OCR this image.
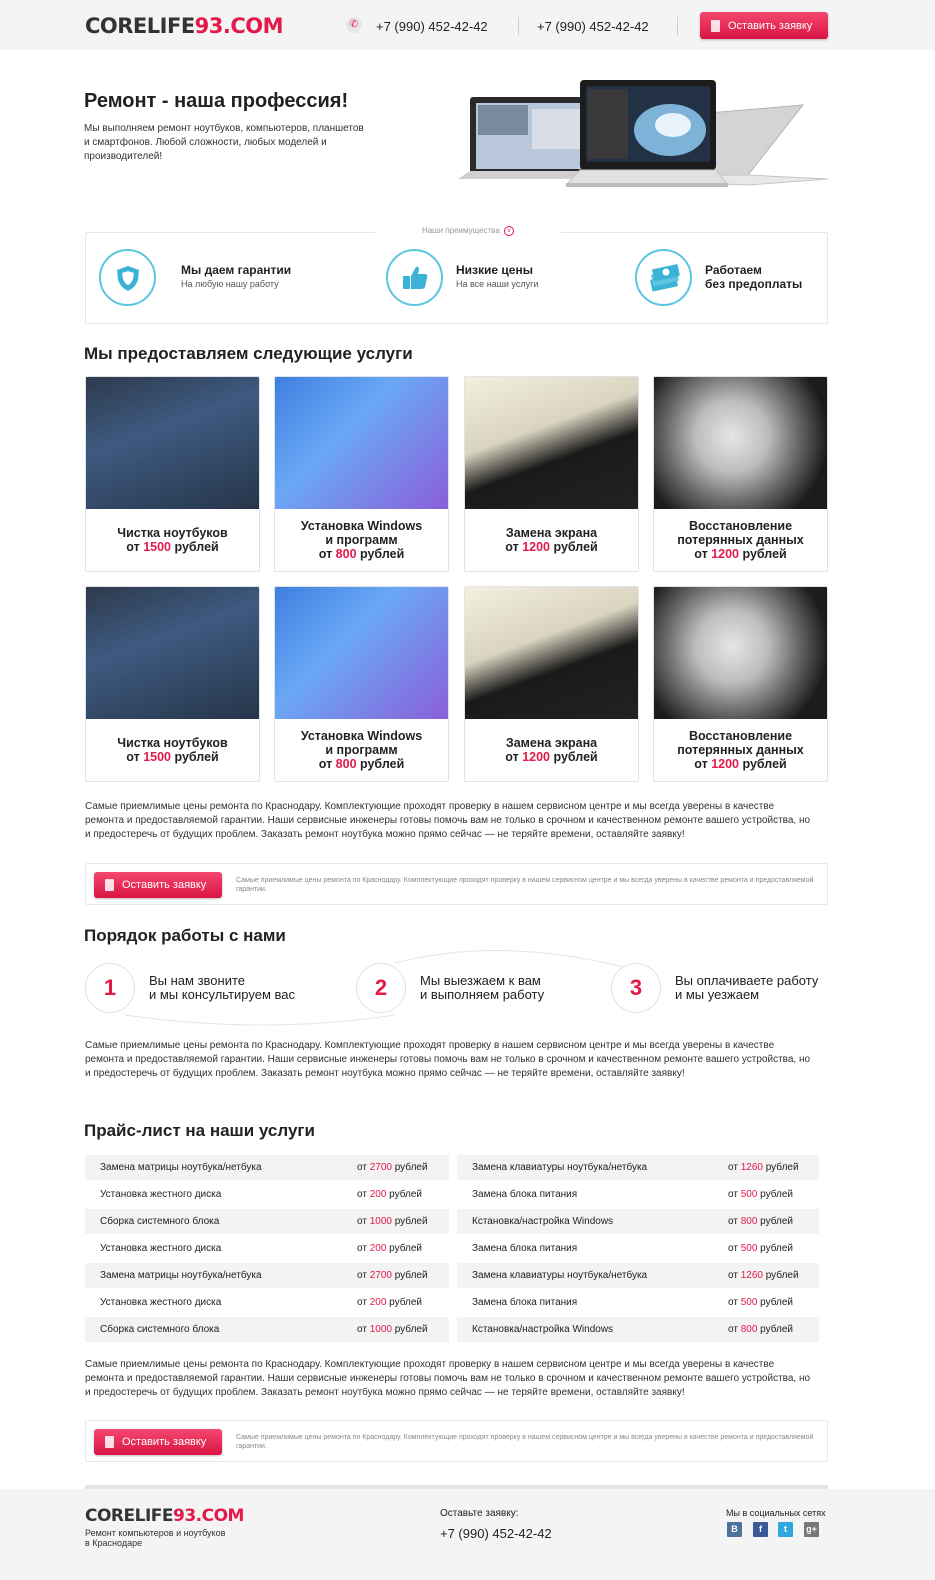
CORELIFE93.COM	✆ +7 (990) 452-42-42	+7 (990) 452-42-42	Оставить заявку
Ремонт - наша профессия!
Мы выполняем ремонт ноутбуков, компьютеров, планшетов и смартфонов. Любой сложности, любых моделей и производителей!
Наши преимущества v
Мы даем гарантии
На любую нашу работу
Низкие цены
На все наши услуги
Работаем
без предоплаты
Мы предоставляем следующие услуги
Чистка ноутбуков
от 1500 рублей
Установка Windows
и программ
от 800 рублей
Замена экрана
от 1200 рублей
Восстановление
потерянных данных
от 1200 рублей
Чистка ноутбуков
от 1500 рублей
Установка Windows
и программ
от 800 рублей
Замена экрана
от 1200 рублей
Восстановление
потерянных данных
от 1200 рублей
Самые приемлимые цены ремонта по Краснодару. Комплектующие проходят проверку в нашем сервисном центре и мы всегда уверены в качестве ремонта и предоставляемой гарантии. Наши сервисные инженеры готовы помочь вам не только в срочном и качественном ремонте вашего устройства, но и предостеречь от будущих проблем. Заказать ремонт ноутбука можно прямо сейчас — не теряйте времени, оставляйте заявку!
Оставить заявку	Самые приемлимые цены ремонта по Краснодару. Комплектующие проходят проверку в нашем сервисном центре и мы всегда уверены в качестве ремонта и предоставляемой гарантии.
Порядок работы с нами
1	Вы нам звоните
и мы консультируем вас	2	Мы выезжаем к вам
и выполняем работу	3	Вы оплачиваете работу
и мы уезжаем
Самые приемлимые цены ремонта по Краснодару. Комплектующие проходят проверку в нашем сервисном центре и мы всегда уверены в качестве ремонта и предоставляемой гарантии. Наши сервисные инженеры готовы помочь вам не только в срочном и качественном ремонте вашего устройства, но и предостеречь от будущих проблем. Заказать ремонт ноутбука можно прямо сейчас — не теряйте времени, оставляйте заявку!
Прайс-лист на наши услуги
Замена матрицы ноутбука/нетбука	от 2700 рублей
Установка жестного диска	от 200 рублей
Сборка системного блока	от 1000 рублей
Установка жестного диска	от 200 рублей
Замена матрицы ноутбука/нетбука	от 2700 рублей
Установка жестного диска	от 200 рублей
Сборка системного блока	от 1000 рублей
Замена клавиатуры ноутбука/нетбука	от 1260 рублей
Замена блока питания	от 500 рублей
Кстановка/настройка Windows	от 800 рублей
Замена блока питания	от 500 рублей
Замена клавиатуры ноутбука/нетбука	от 1260 рублей
Замена блока питания	от 500 рублей
Кстановка/настройка Windows	от 800 рублей
Самые приемлимые цены ремонта по Краснодару. Комплектующие проходят проверку в нашем сервисном центре и мы всегда уверены в качестве ремонта и предоставляемой гарантии. Наши сервисные инженеры готовы помочь вам не только в срочном и качественном ремонте вашего устройства, но и предостеречь от будущих проблем. Заказать ремонт ноутбука можно прямо сейчас — не теряйте времени, оставляйте заявку!
Оставить заявку	Самые приемлимые цены ремонта по Краснодару. Комплектующие проходят проверку в нашем сервисном центре и мы всегда уверены в качестве ремонта и предоставляемой гарантии.
CORELIFE93.COM
Ремонт компьютеров и ноутбуков
в Краснодаре
Оставьте заявку:
+7 (990) 452-42-42
Мы в социальных сетях
В	f	t	g+
